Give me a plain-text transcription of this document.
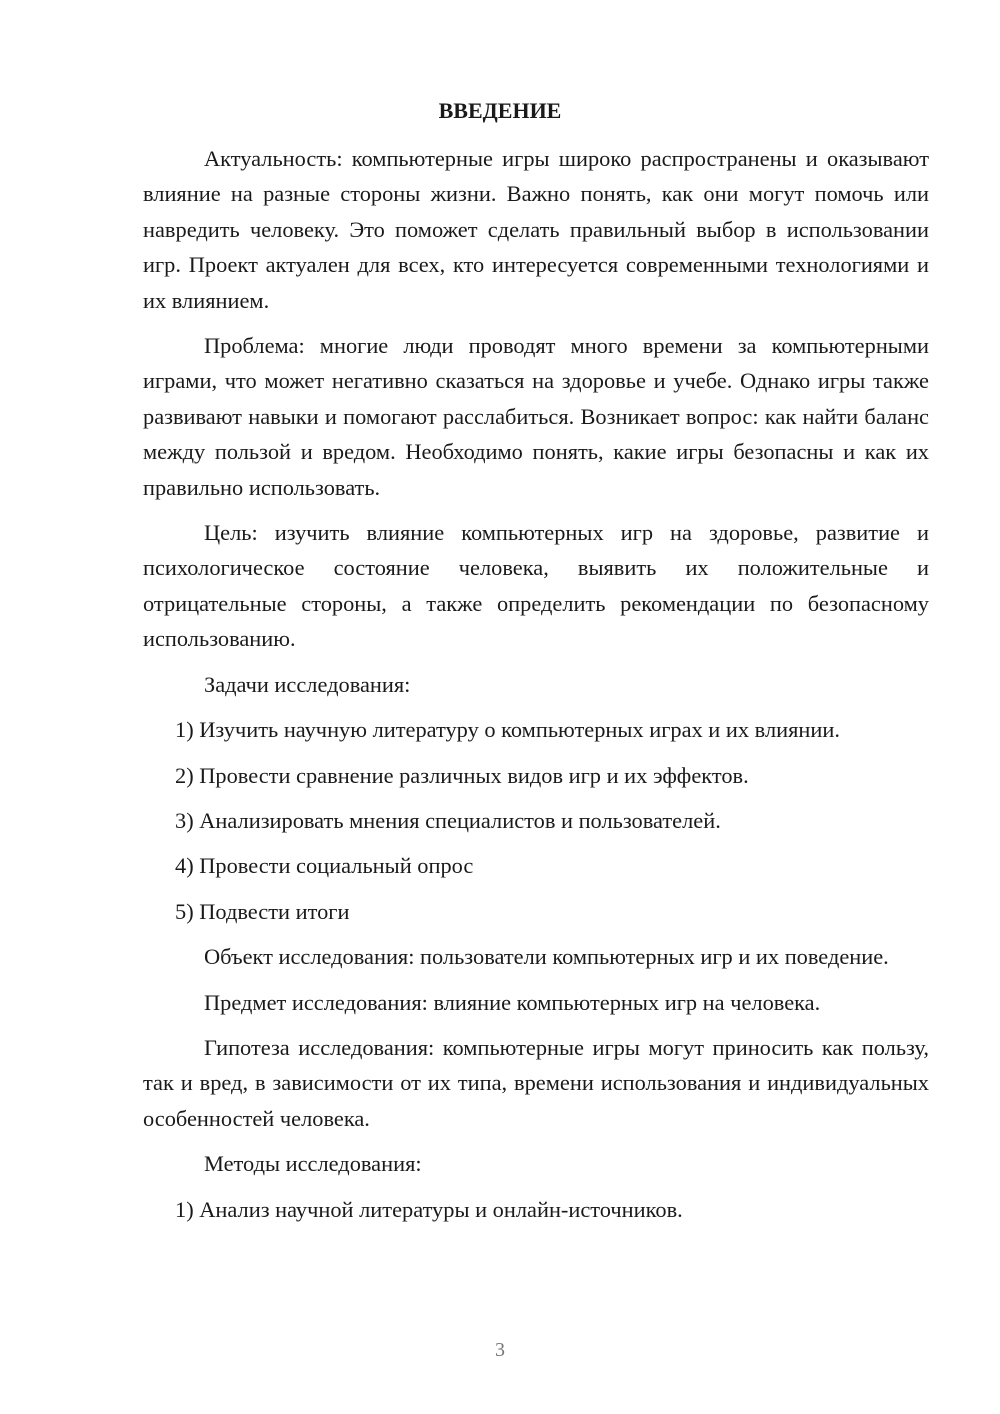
ВВЕДЕНИЕ

Актуальность: компьютерные игры широко распространены и оказывают влияние на разные стороны жизни. Важно понять, как они могут помочь или навредить человеку. Это поможет сделать правильный выбор в использовании игр. Проект актуален для всех, кто интересуется современными технологиями и их влиянием.

Проблема: многие люди проводят много времени за компьютерными играми, что может негативно сказаться на здоровье и учебе. Однако игры также развивают навыки и помогают расслабиться. Возникает вопрос: как найти баланс между пользой и вредом. Необходимо понять, какие игры безопасны и как их правильно использовать.

Цель: изучить влияние компьютерных игр на здоровье, развитие и психологическое состояние человека, выявить их положительные и отрицательные стороны, а также определить рекомендации по безопасному использованию.

Задачи исследования:

1) Изучить научную литературу о компьютерных играх и их влиянии.

2) Провести сравнение различных видов игр и их эффектов.

3) Анализировать мнения специалистов и пользователей.

4) Провести социальный опрос

5) Подвести итоги

Объект исследования: пользователи компьютерных игр и их поведение.

Предмет исследования: влияние компьютерных игр на человека.

Гипотеза исследования: компьютерные игры могут приносить как пользу, так и вред, в зависимости от их типа, времени использования и индивидуальных особенностей человека.

Методы исследования:

1) Анализ научной литературы и онлайн-источников.

3
